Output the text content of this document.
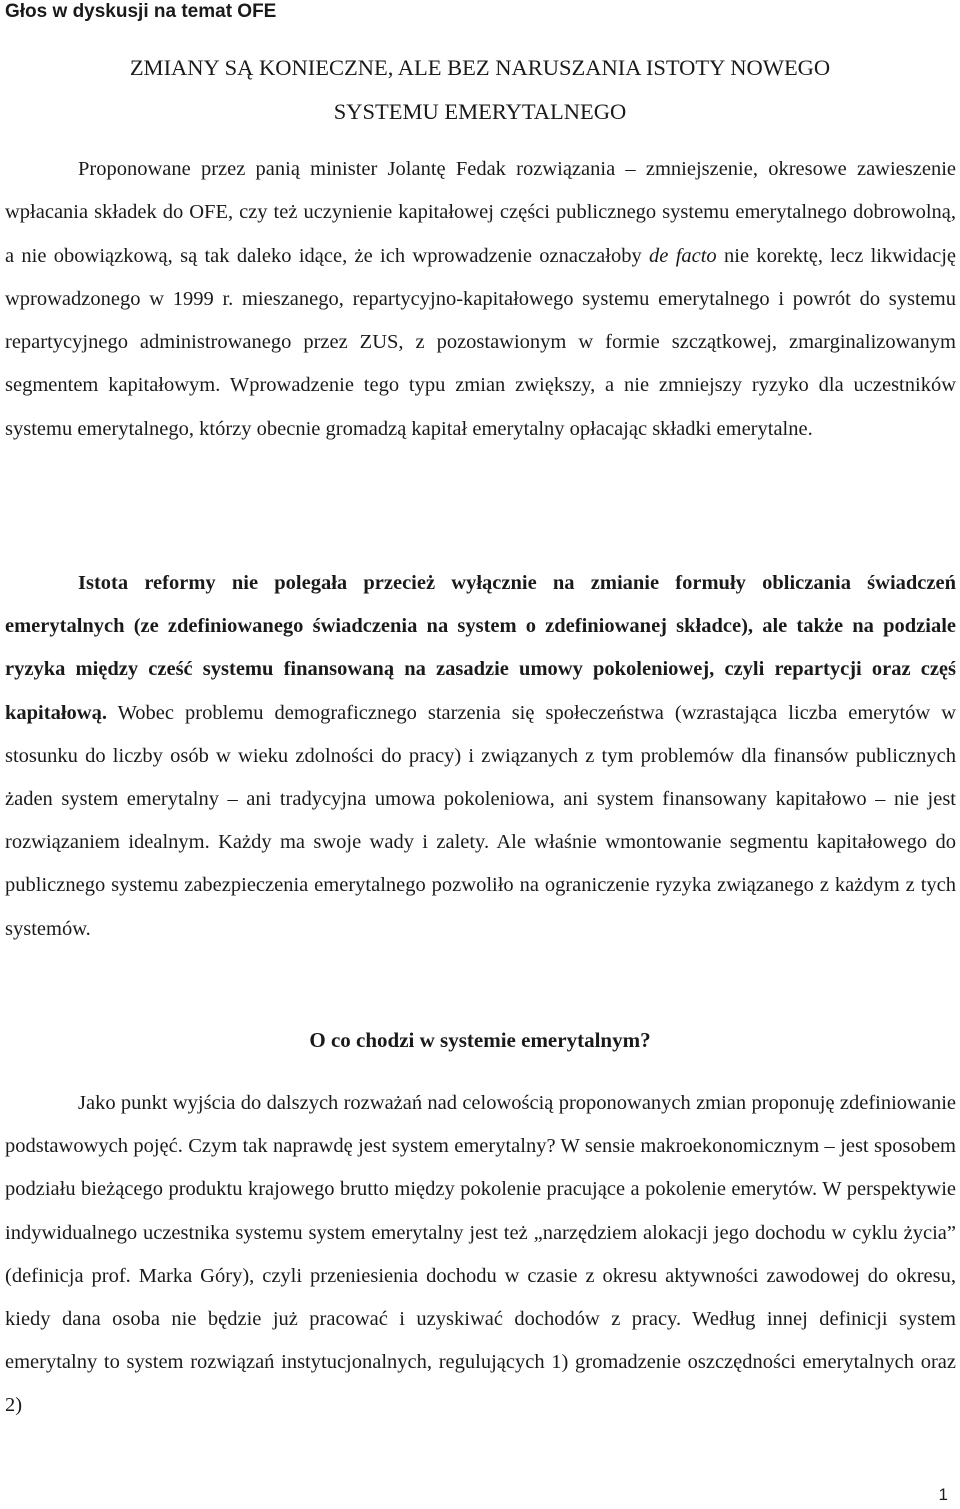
Głos w dyskusji na temat OFE
ZMIANY SĄ KONIECZNE, ALE BEZ NARUSZANIA ISTOTY NOWEGO
SYSTEMU EMERYTALNEGO

Proponowane przez panią minister Jolantę Fedak rozwiązania – zmniejszenie, okresowe zawieszenie wpłacania składek do OFE, czy też uczynienie kapitałowej części publicznego systemu emerytalnego dobrowolną, a nie obowiązkową, są tak daleko idące, że ich wprowadzenie oznaczałoby de facto nie korektę, lecz likwidację wprowadzonego w 1999 r. mieszanego, repartycyjno-kapitałowego systemu emerytalnego i powrót do systemu repartycyjnego administrowanego przez ZUS, z pozostawionym w formie szczątkowej, zmarginalizowanym segmentem kapitałowym. Wprowadzenie tego typu zmian zwiększy, a nie zmniejszy ryzyko dla uczestników systemu emerytalnego, którzy obecnie gromadzą kapitał emerytalny opłacając składki emerytalne.

Istota reformy nie polegała przecież wyłącznie na zmianie formuły obliczania świadczeń emerytalnych (ze zdefiniowanego świadczenia na system o zdefiniowanej składce), ale także na podziale ryzyka między cześć systemu finansowaną na zasadzie umowy pokoleniowej, czyli repartycji oraz częś kapitałową. Wobec problemu demograficznego starzenia się społeczeństwa (wzrastająca liczba emerytów w stosunku do liczby osób w wieku zdolności do pracy) i związanych z tym problemów dla finansów publicznych żaden system emerytalny – ani tradycyjna umowa pokoleniowa, ani system finansowany kapitałowo – nie jest rozwiązaniem idealnym. Każdy ma swoje wady i zalety. Ale właśnie wmontowanie segmentu kapitałowego do publicznego systemu zabezpieczenia emerytalnego pozwoliło na ograniczenie ryzyka związanego z każdym z tych systemów.

O co chodzi w systemie emerytalnym?

Jako punkt wyjścia do dalszych rozważań nad celowością proponowanych zmian proponuję zdefiniowanie podstawowych pojęć. Czym tak naprawdę jest system emerytalny? W sensie makroekonomicznym – jest sposobem podziału bieżącego produktu krajowego brutto między pokolenie pracujące a pokolenie emerytów. W perspektywie indywidualnego uczestnika systemu system emerytalny jest też „narzędziem alokacji jego dochodu w cyklu życia” (definicja prof. Marka Góry), czyli przeniesienia dochodu w czasie z okresu aktywności zawodowej do okresu, kiedy dana osoba nie będzie już pracować i uzyskiwać dochodów z pracy. Według innej definicji system emerytalny to system rozwiązań instytucjonalnych, regulujących 1) gromadzenie oszczędności emerytalnych oraz 2)

1
